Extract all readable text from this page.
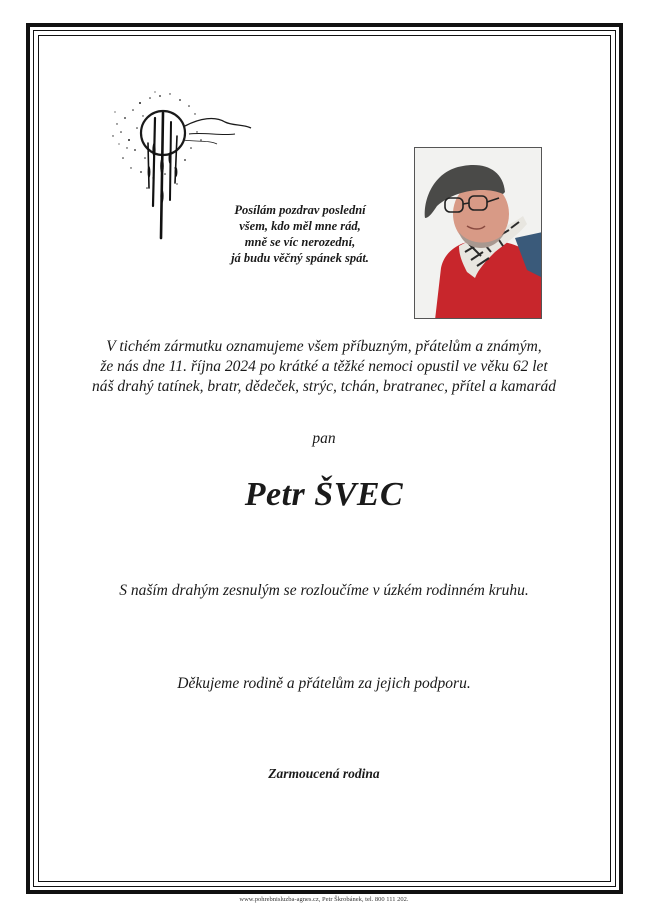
Posílám pozdrav poslední
všem, kdo měl mne rád,
mně se víc nerozední,
já budu věčný spánek spát.
V tichém zármutku oznamujeme všem příbuzným, přátelům a známým,
že nás dne 11. října 2024 po krátké a těžké nemoci opustil ve věku 62 let
náš drahý tatínek, bratr, dědeček, strýc, tchán, bratranec, přítel a kamarád
pan
Petr ŠVEC
S naším drahým zesnulým se rozloučíme v úzkém rodinném kruhu.
Děkujeme rodině a přátelům za jejich podporu.
Zarmoucená rodina
www.pohrebnisluzba-agnes.cz, Petr Škrobánek, tel. 800 111 202.
